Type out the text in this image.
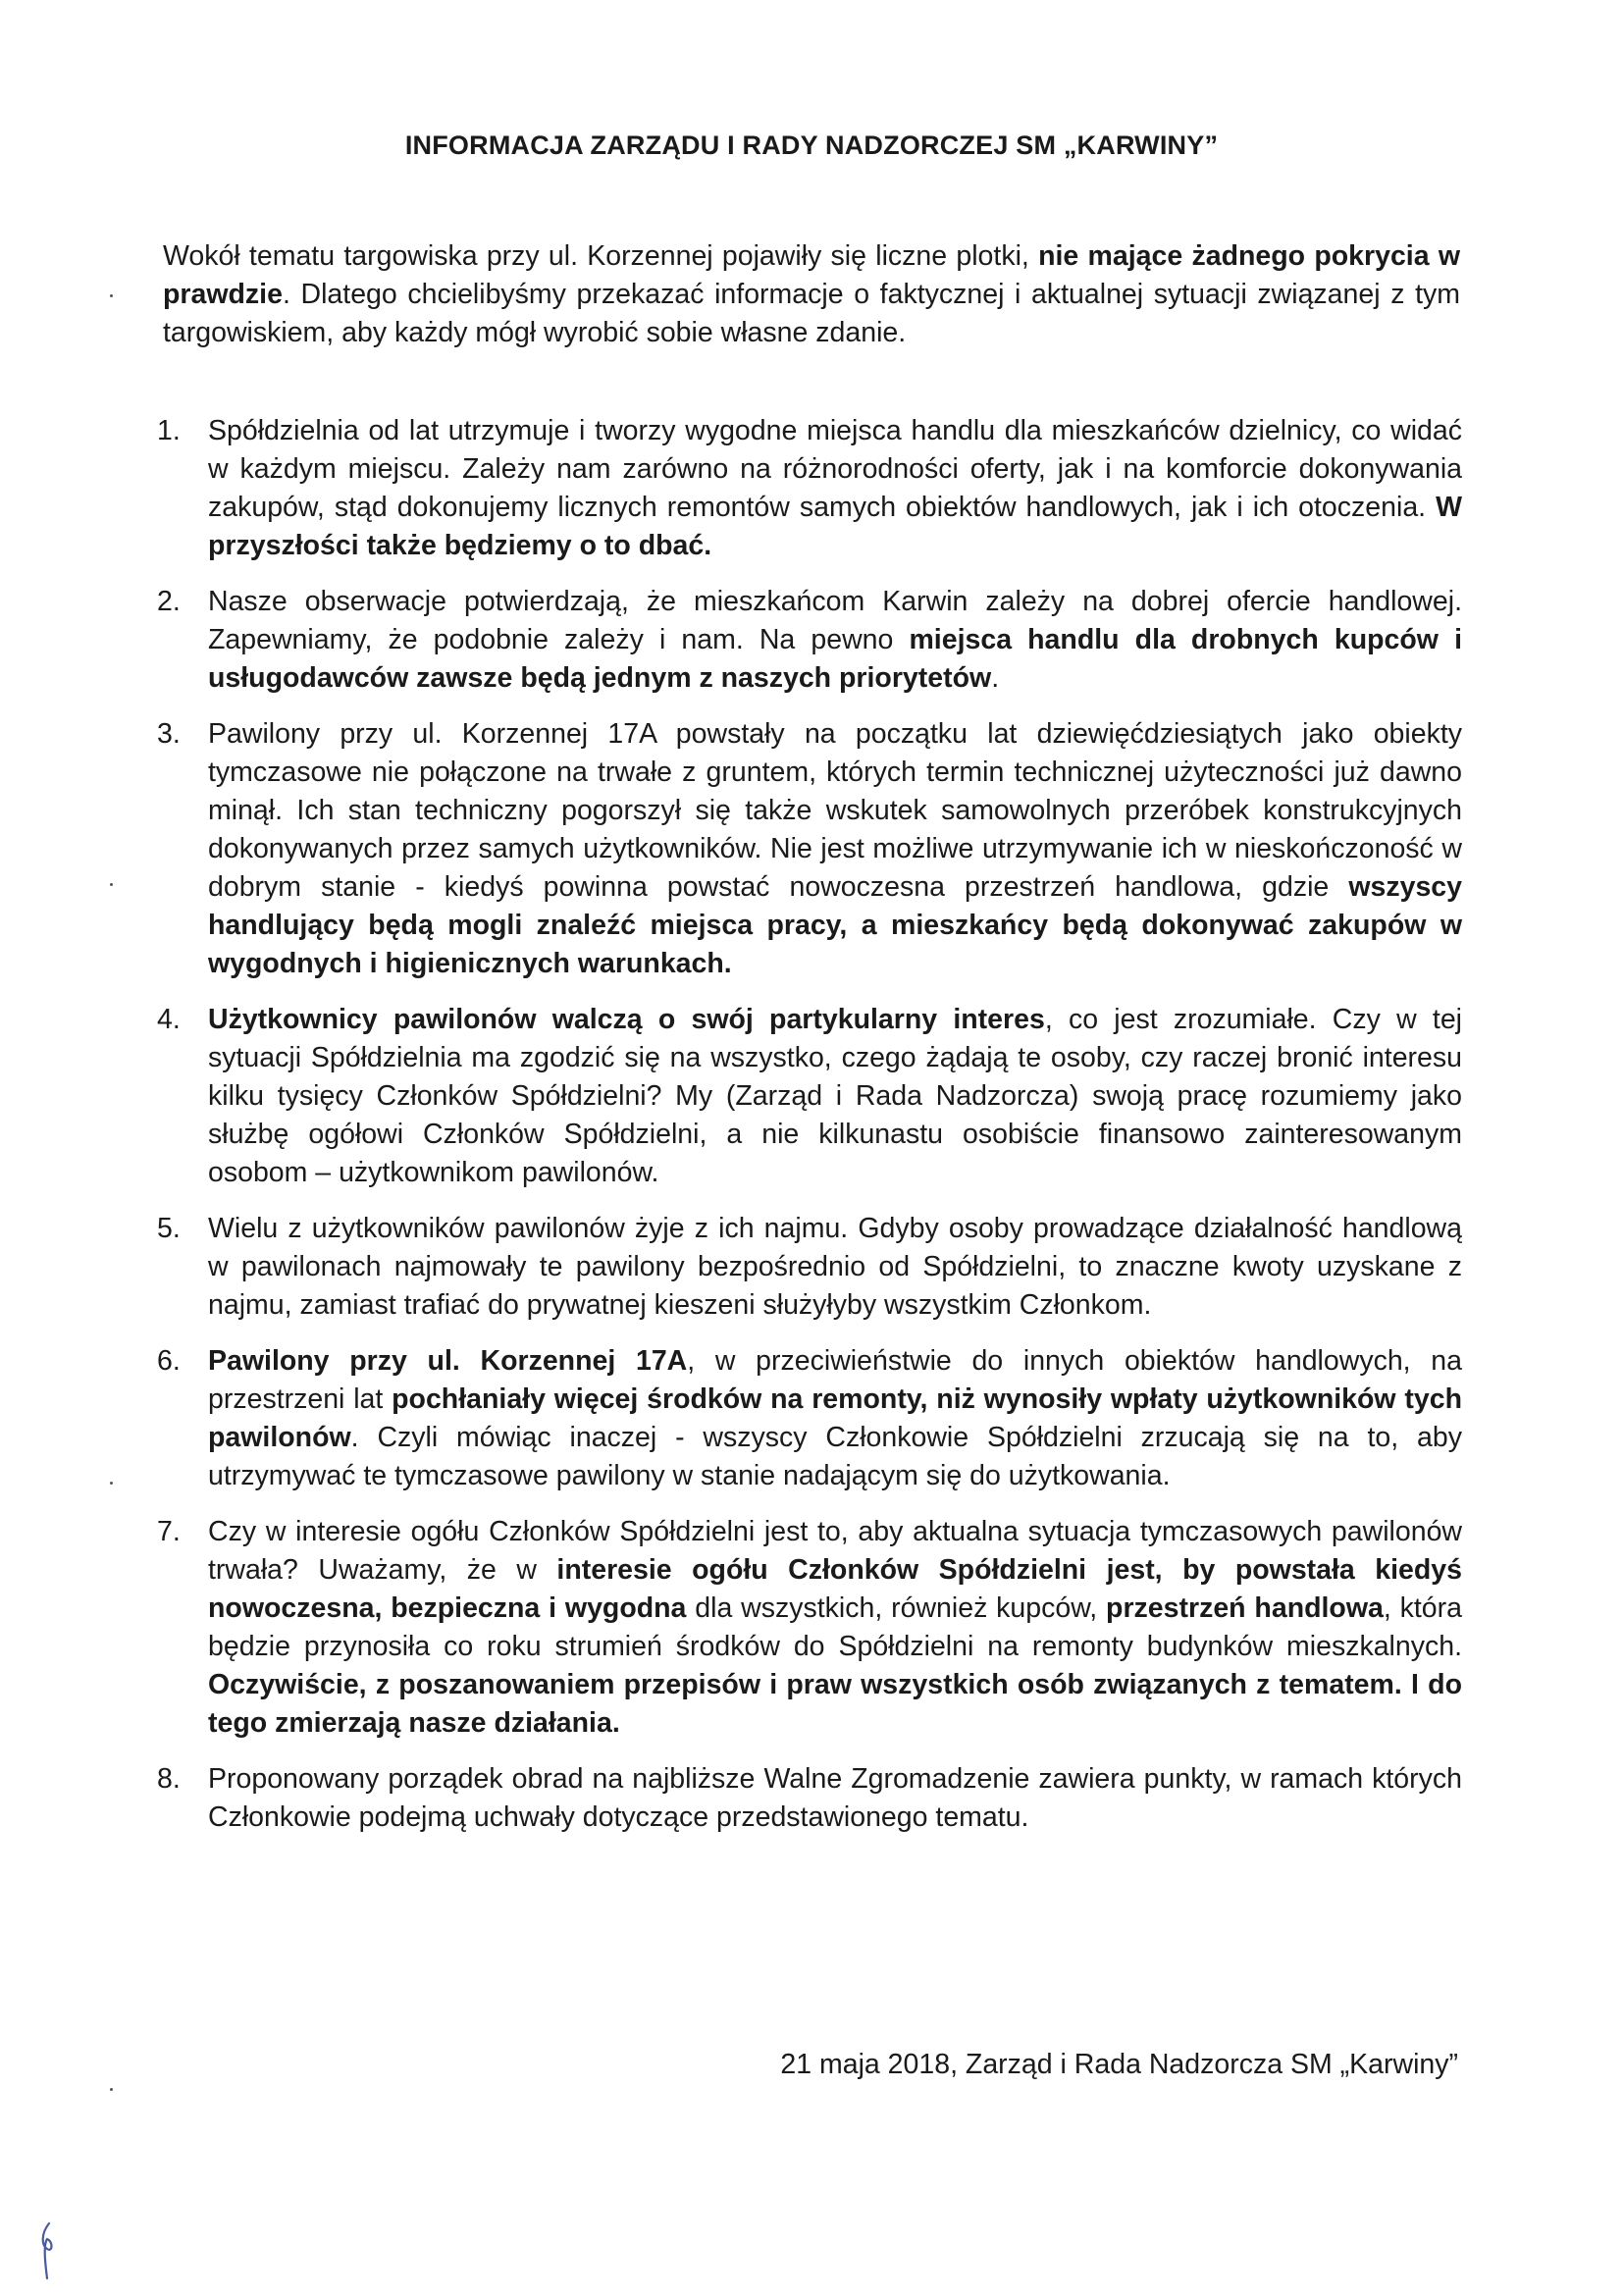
INFORMACJA ZARZĄDU I RADY NADZORCZEJ SM „KARWINY”

Wokół tematu targowiska przy ul. Korzennej pojawiły się liczne plotki, nie mające żadnego pokrycia w prawdzie. Dlatego chcielibyśmy przekazać informacje o faktycznej i aktualnej sytuacji związanej z tym targowiskiem, aby każdy mógł wyrobić sobie własne zdanie.

1. Spółdzielnia od lat utrzymuje i tworzy wygodne miejsca handlu dla mieszkańców dzielnicy, co widać w każdym miejscu. Zależy nam zarówno na różnorodności oferty, jak i na komforcie dokonywania zakupów, stąd dokonujemy licznych remontów samych obiektów handlowych, jak i ich otoczenia. W przyszłości także będziemy o to dbać.
2. Nasze obserwacje potwierdzają, że mieszkańcom Karwin zależy na dobrej ofercie handlowej. Zapewniamy, że podobnie zależy i nam. Na pewno miejsca handlu dla drobnych kupców i usługodawców zawsze będą jednym z naszych priorytetów.
3. Pawilony przy ul. Korzennej 17A powstały na początku lat dziewięćdziesiątych jako obiekty tymczasowe nie połączone na trwałe z gruntem, których termin technicznej użyteczności już dawno minął. Ich stan techniczny pogorszył się także wskutek samowolnych przeróbek konstrukcyjnych dokonywanych przez samych użytkowników. Nie jest możliwe utrzymywanie ich w nieskończoność w dobrym stanie - kiedyś powinna powstać nowoczesna przestrzeń handlowa, gdzie wszyscy handlujący będą mogli znaleźć miejsca pracy, a mieszkańcy będą dokonywać zakupów w wygodnych i higienicznych warunkach.
4. Użytkownicy pawilonów walczą o swój partykularny interes, co jest zrozumiałe. Czy w tej sytuacji Spółdzielnia ma zgodzić się na wszystko, czego żądają te osoby, czy raczej bronić interesu kilku tysięcy Członków Spółdzielni? My (Zarząd i Rada Nadzorcza) swoją pracę rozumiemy jako służbę ogółowi Członków Spółdzielni, a nie kilkunastu osobiście finansowo zainteresowanym osobom – użytkownikom pawilonów.
5. Wielu z użytkowników pawilonów żyje z ich najmu. Gdyby osoby prowadzące działalność handlową w pawilonach najmowały te pawilony bezpośrednio od Spółdzielni, to znaczne kwoty uzyskane z najmu, zamiast trafiać do prywatnej kieszeni służyłyby wszystkim Członkom.
6. Pawilony przy ul. Korzennej 17A, w przeciwieństwie do innych obiektów handlowych, na przestrzeni lat pochłaniały więcej środków na remonty, niż wynosiły wpłaty użytkowników tych pawilonów. Czyli mówiąc inaczej - wszyscy Członkowie Spółdzielni zrzucają się na to, aby utrzymywać te tymczasowe pawilony w stanie nadającym się do użytkowania.
7. Czy w interesie ogółu Członków Spółdzielni jest to, aby aktualna sytuacja tymczasowych pawilonów trwała? Uważamy, że w interesie ogółu Członków Spółdzielni jest, by powstała kiedyś nowoczesna, bezpieczna i wygodna dla wszystkich, również kupców, przestrzeń handlowa, która będzie przynosiła co roku strumień środków do Spółdzielni na remonty budynków mieszkalnych. Oczywiście, z poszanowaniem przepisów i praw wszystkich osób związanych z tematem. I do tego zmierzają nasze działania.
8. Proponowany porządek obrad na najbliższe Walne Zgromadzenie zawiera punkty, w ramach których Członkowie podejmą uchwały dotyczące przedstawionego tematu.
21 maja 2018, Zarząd i Rada Nadzorcza SM „Karwiny”
